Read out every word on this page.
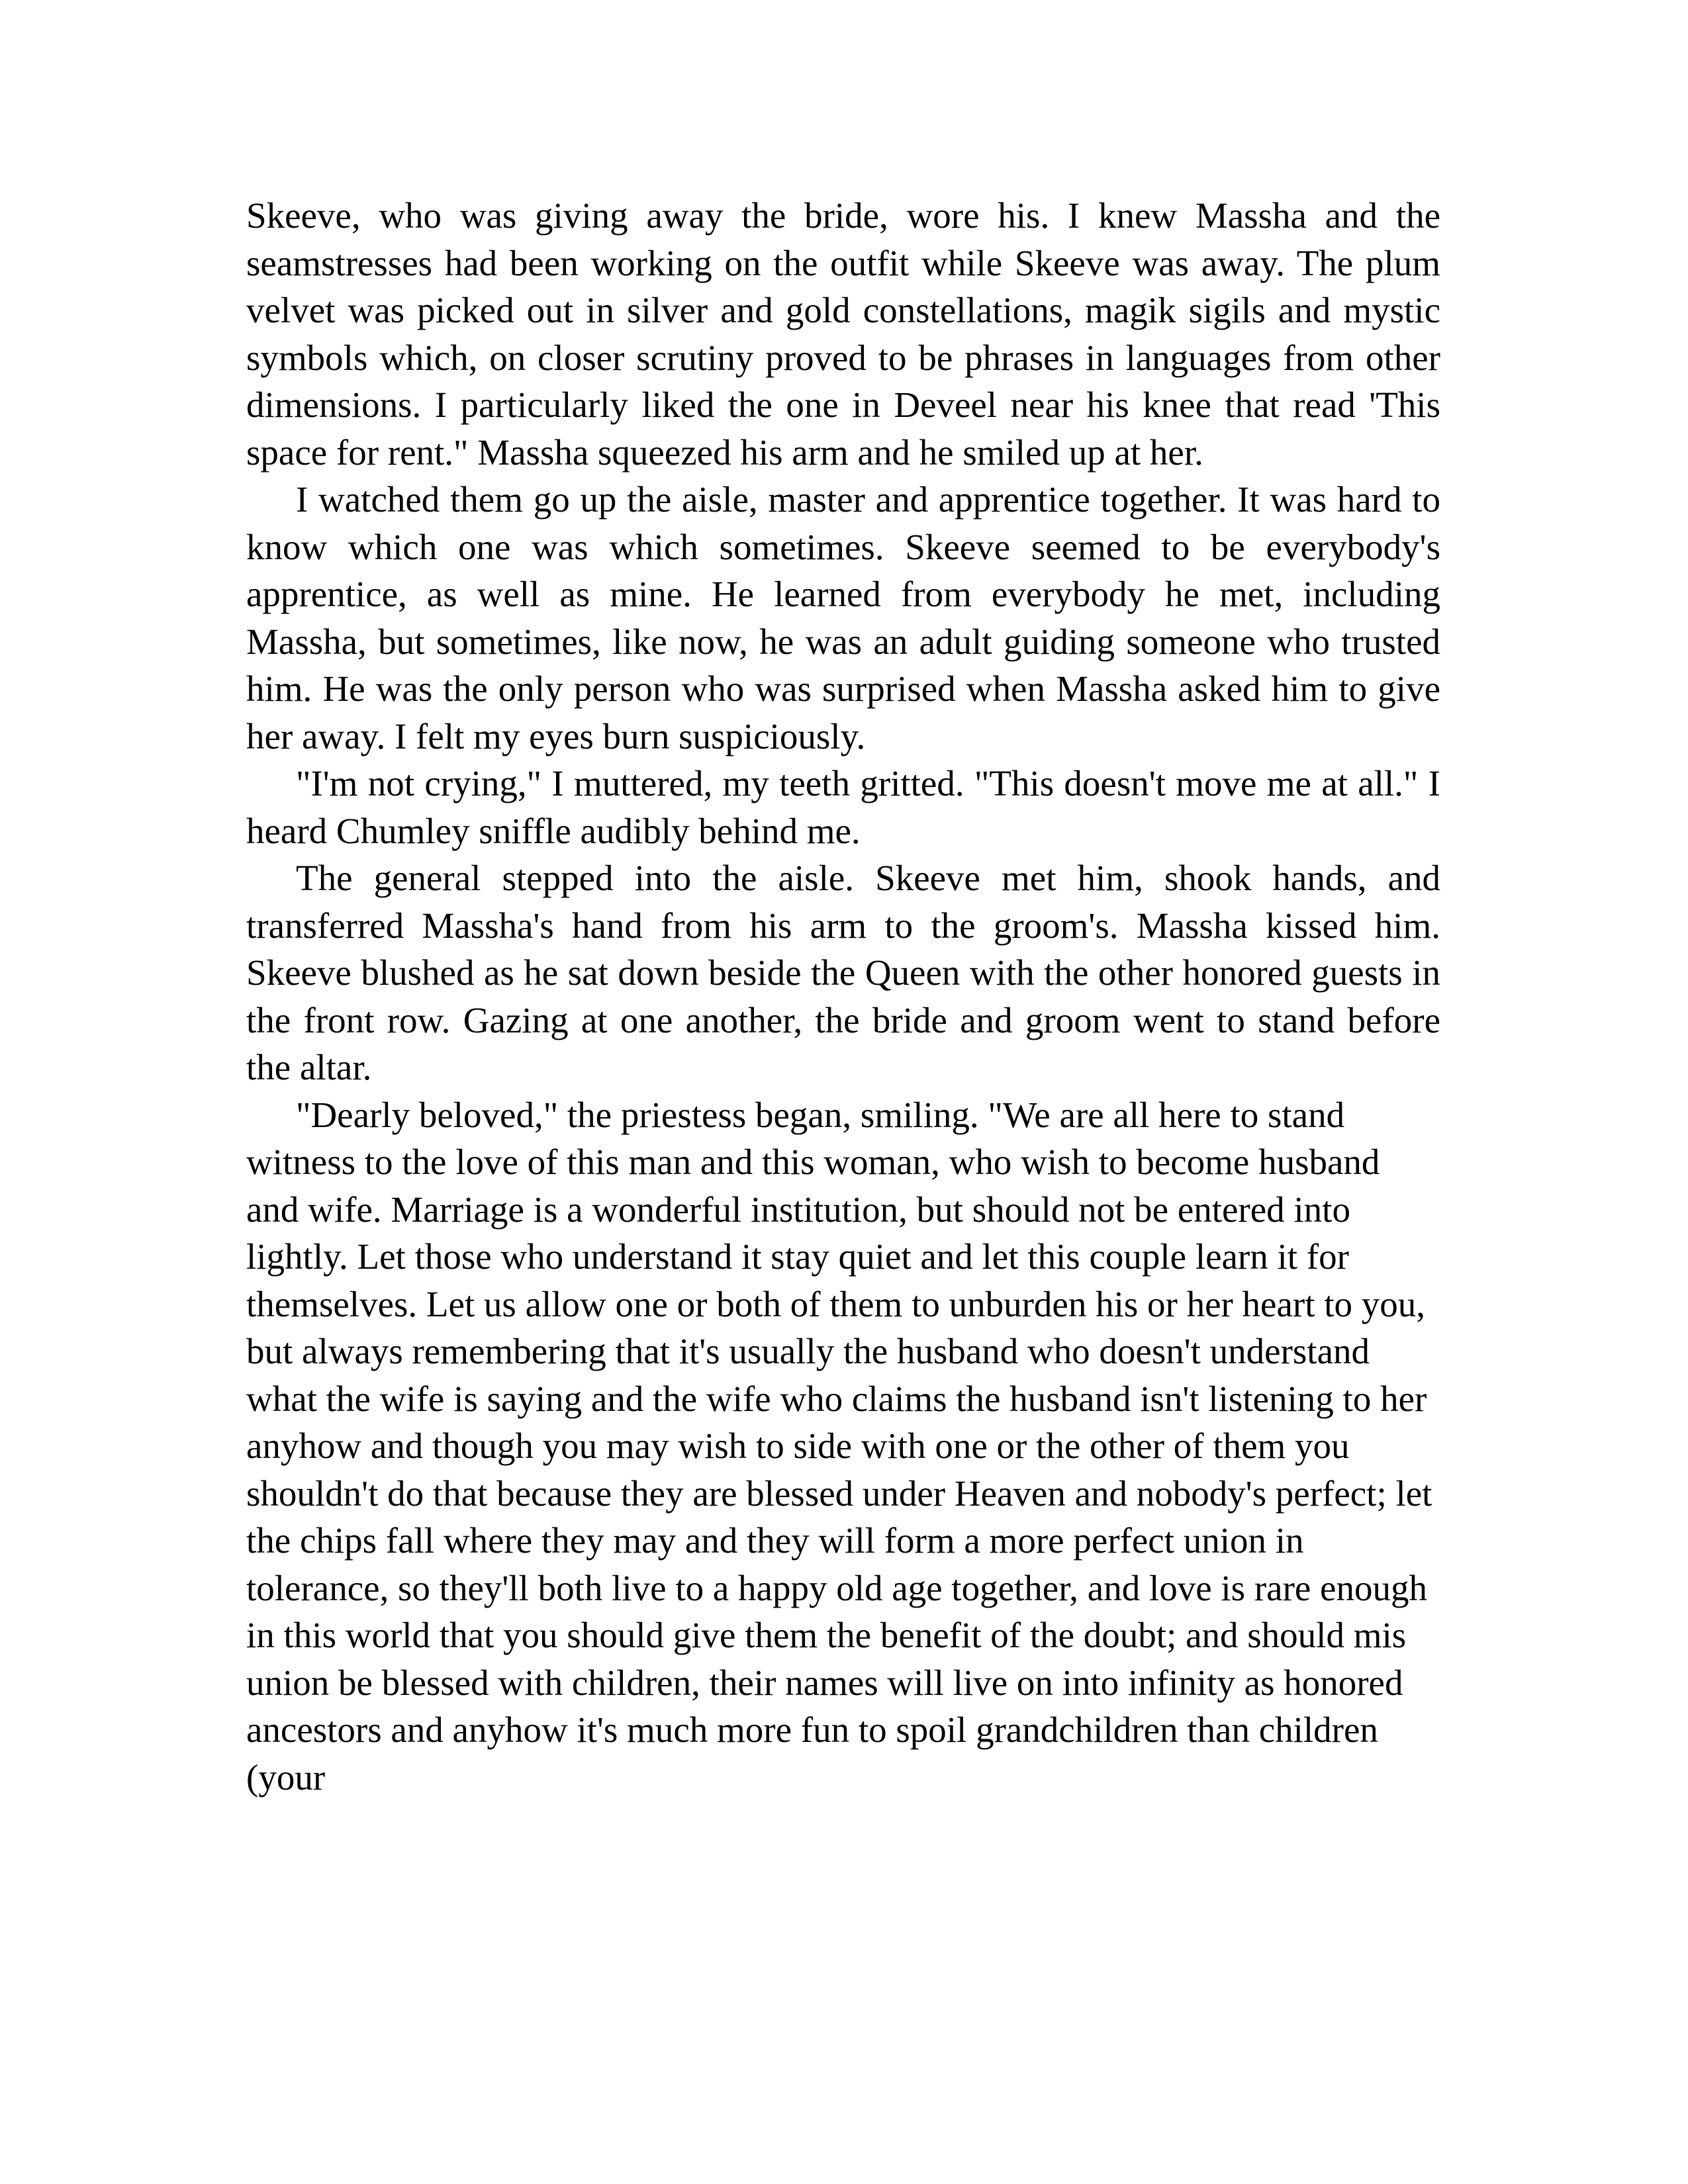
Skeeve, who was giving away the bride, wore his. I knew Massha and the seamstresses had been working on the outfit while Skeeve was away. The plum velvet was picked out in silver and gold constellations, magik sigils and mystic symbols which, on closer scrutiny proved to be phrases in languages from other dimensions. I particularly liked the one in Deveel near his knee that read 'This space for rent." Massha squeezed his arm and he smiled up at her.

I watched them go up the aisle, master and apprentice together. It was hard to know which one was which sometimes. Skeeve seemed to be everybody's apprentice, as well as mine. He learned from everybody he met, including Massha, but sometimes, like now, he was an adult guiding someone who trusted him. He was the only person who was surprised when Massha asked him to give her away. I felt my eyes burn suspiciously.

"I'm not crying," I muttered, my teeth gritted. "This doesn't move me at all." I heard Chumley sniffle audibly behind me.

The general stepped into the aisle. Skeeve met him, shook hands, and transferred Massha's hand from his arm to the groom's. Massha kissed him. Skeeve blushed as he sat down beside the Queen with the other honored guests in the front row. Gazing at one another, the bride and groom went to stand before the altar.

"Dearly beloved," the priestess began, smiling. "We are all here to stand witness to the love of this man and this woman, who wish to become husband and wife. Marriage is a wonderful institution, but should not be entered into lightly. Let those who understand it stay quiet and let this couple learn it for themselves. Let us allow one or both of them to unburden his or her heart to you, but always remembering that it's usually the husband who doesn't understand what the wife is saying and the wife who claims the husband isn't listening to her anyhow and though you may wish to side with one or the other of them you shouldn't do that because they are blessed under Heaven and nobody's perfect; let the chips fall where they may and they will form a more perfect union in tolerance, so they'll both live to a happy old age together, and love is rare enough in this world that you should give them the benefit of the doubt; and should mis union be blessed with children, their names will live on into infinity as honored ancestors and anyhow it's much more fun to spoil grandchildren than children (your
